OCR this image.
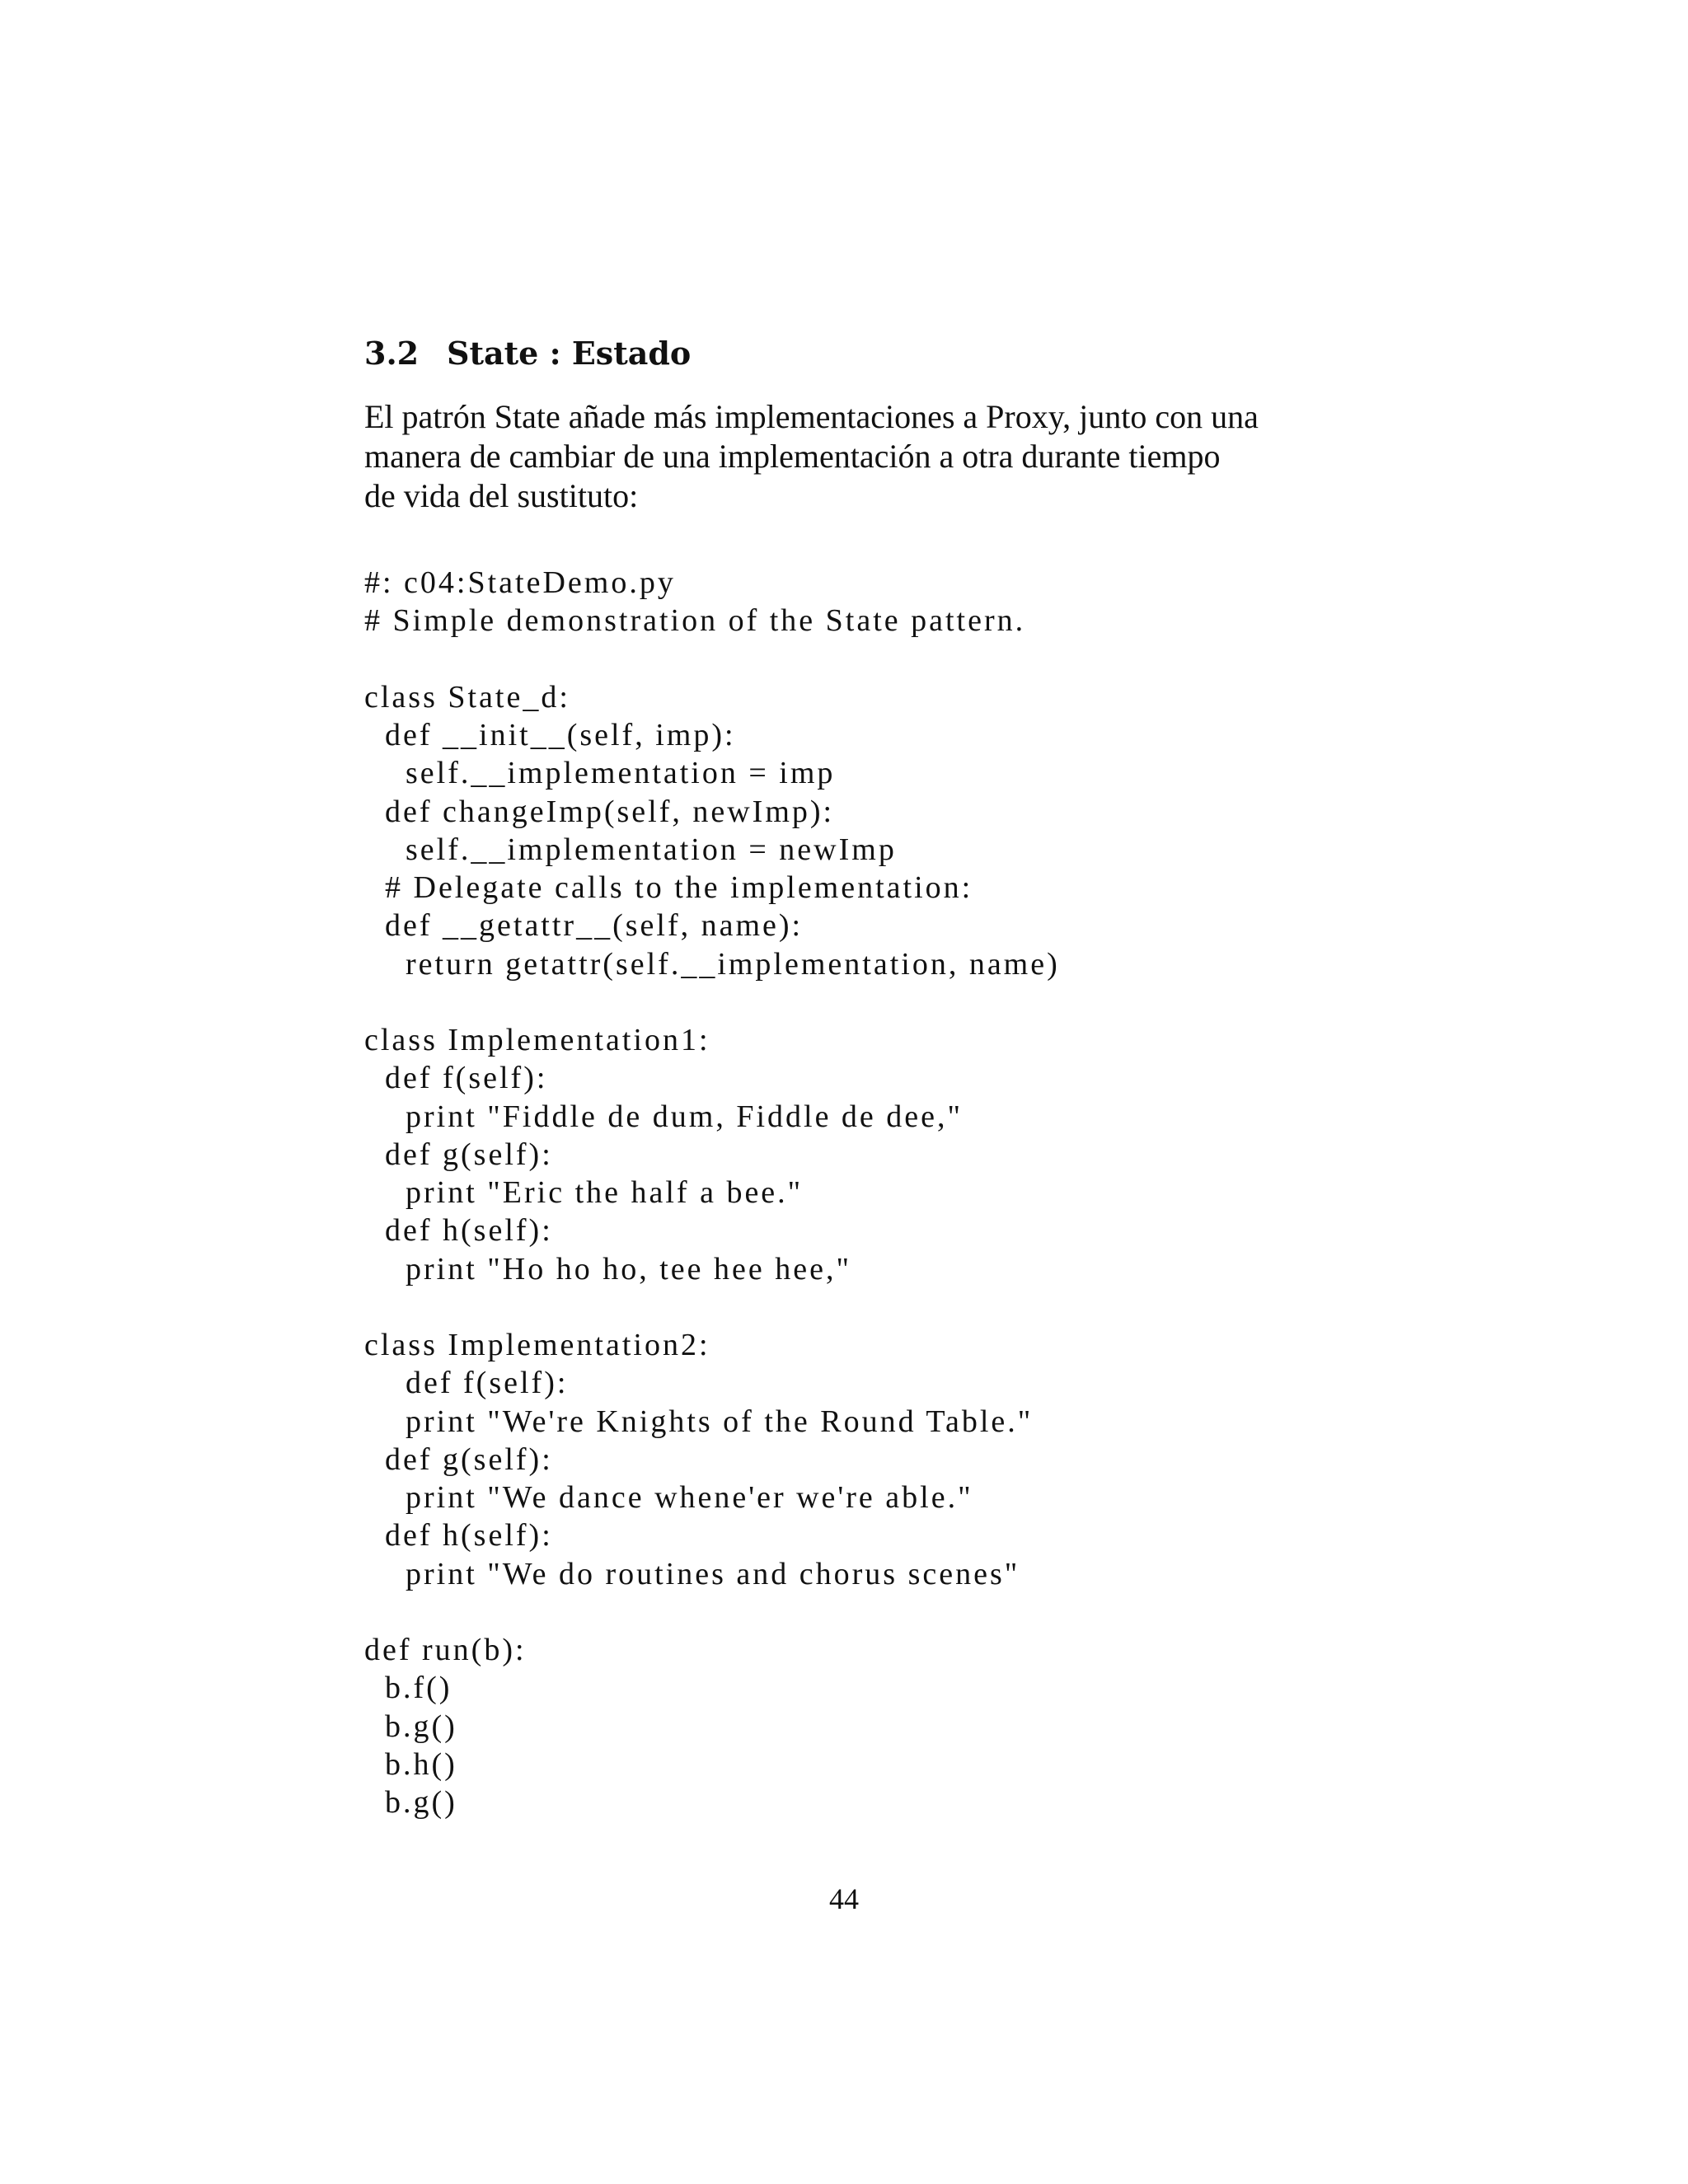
3.2 State : Estado

El patrón State añade más implementaciones a Proxy, junto con una

manera de cambiar de una implementación a otra durante tiempo

de vida del sustituto:

#: c04:StateDemo.py
# Simple demonstration of the State pattern.
class State_d:
def __init__(self, imp):
self.__implementation = imp
def changeImp(self, newImp):
self.__implementation = newImp
# Delegate calls to the implementation:
def __getattr__(self, name):
return getattr(self.__implementation, name)
class Implementation1:
def f(self):
print "Fiddle de dum, Fiddle de dee,"
def g(self):
print "Eric the half a bee."
def h(self):
print "Ho ho ho, tee hee hee,"
class Implementation2:
def f(self):
print "We're Knights of the Round Table."
def g(self):
print "We dance whene'er we're able."
def h(self):
print "We do routines and chorus scenes"
def run(b):
b.f()
b.g()
b.h()
b.g()
44
